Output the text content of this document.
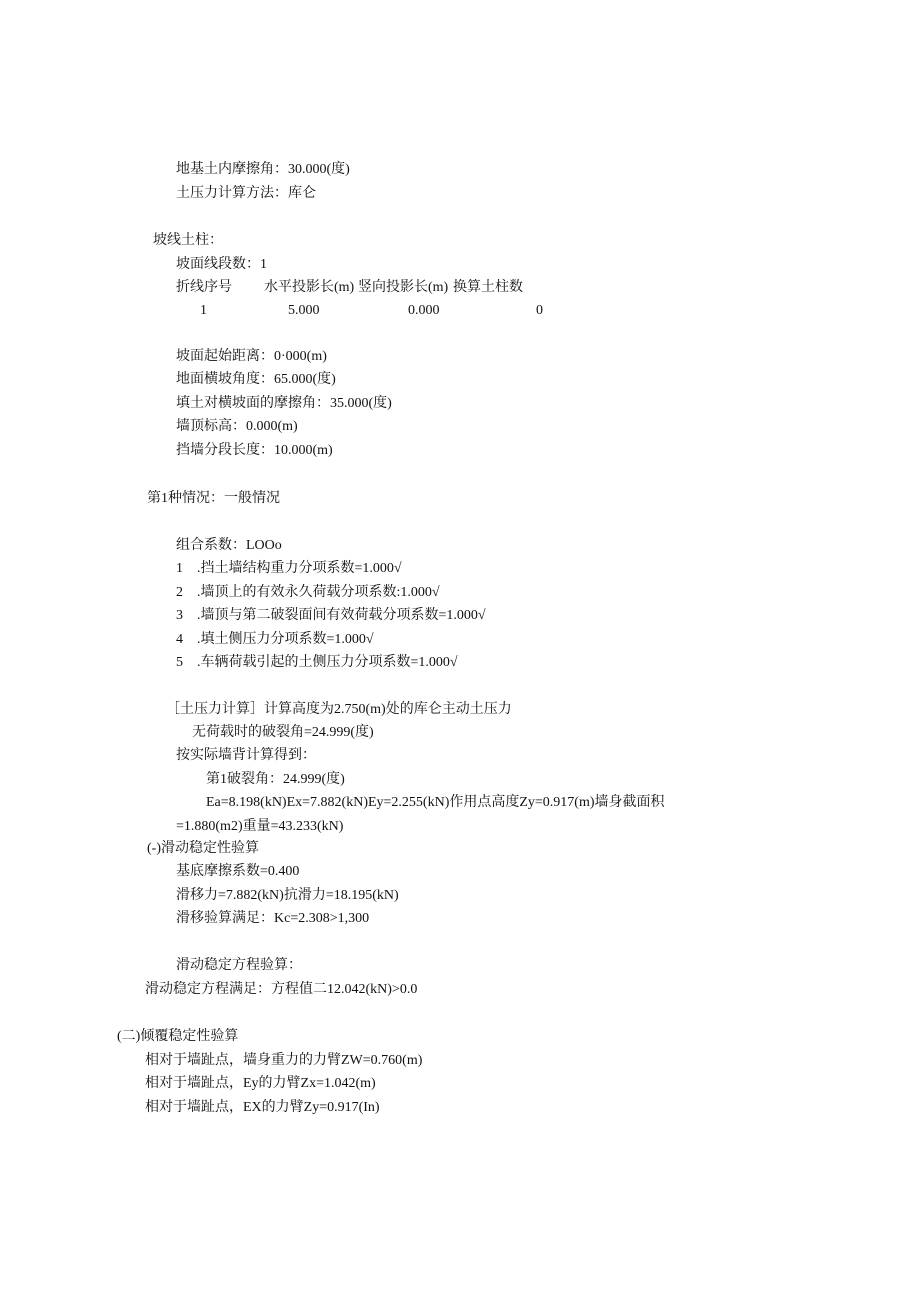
地基土内摩擦角：30.000(度)
土压力计算方法：库仑
坡线土柱：
坡面线段数：1
折线序号 水平投影长(m) 竖向投影长(m) 换算土柱数
1	5.000	0.000	0
坡面起始距离：0·000(m)
地面横坡角度：65.000(度)
填土对横坡面的摩擦角：35.000(度)
墙顶标高：0.000(m)
挡墙分段长度：10.000(m)
第1种情况：一般情况
组合系数：LOOo
1　.挡土墙结构重力分项系数=1.000√
2　.墙顶上的有效永久荷载分项系数:1.000√
3　.墙顶与第二破裂面间有效荷载分项系数=1.000√
4　.填土侧压力分项系数=1.000√
5　.车辆荷载引起的土侧压力分项系数=1.000√
［土压力计算］计算高度为2.750(m)处的库仑主动土压力
无荷载时的破裂角=24.999(度)
按实际墙背计算得到：
第1破裂角：24.999(度)
Ea=8.198(kN)Ex=7.882(kN)Ey=2.255(kN)作用点高度Zy=0.917(m)墙身截面积
=1.880(m2)重量=43.233(kN)
(-)滑动稳定性验算
基底摩擦系数=0.400
滑移力=7.882(kN)抗滑力=18.195(kN)
滑移验算满足：Kc=2.308>1,300
滑动稳定方程验算：
滑动稳定方程满足：方程值二12.042(kN)>0.0
(二)倾覆稳定性验算
相对于墙趾点，墙身重力的力臂ZW=0.760(m)
相对于墙趾点，Ey的力臂Zx=1.042(m)
相对于墙趾点，EX的力臂Zy=0.917(In)
